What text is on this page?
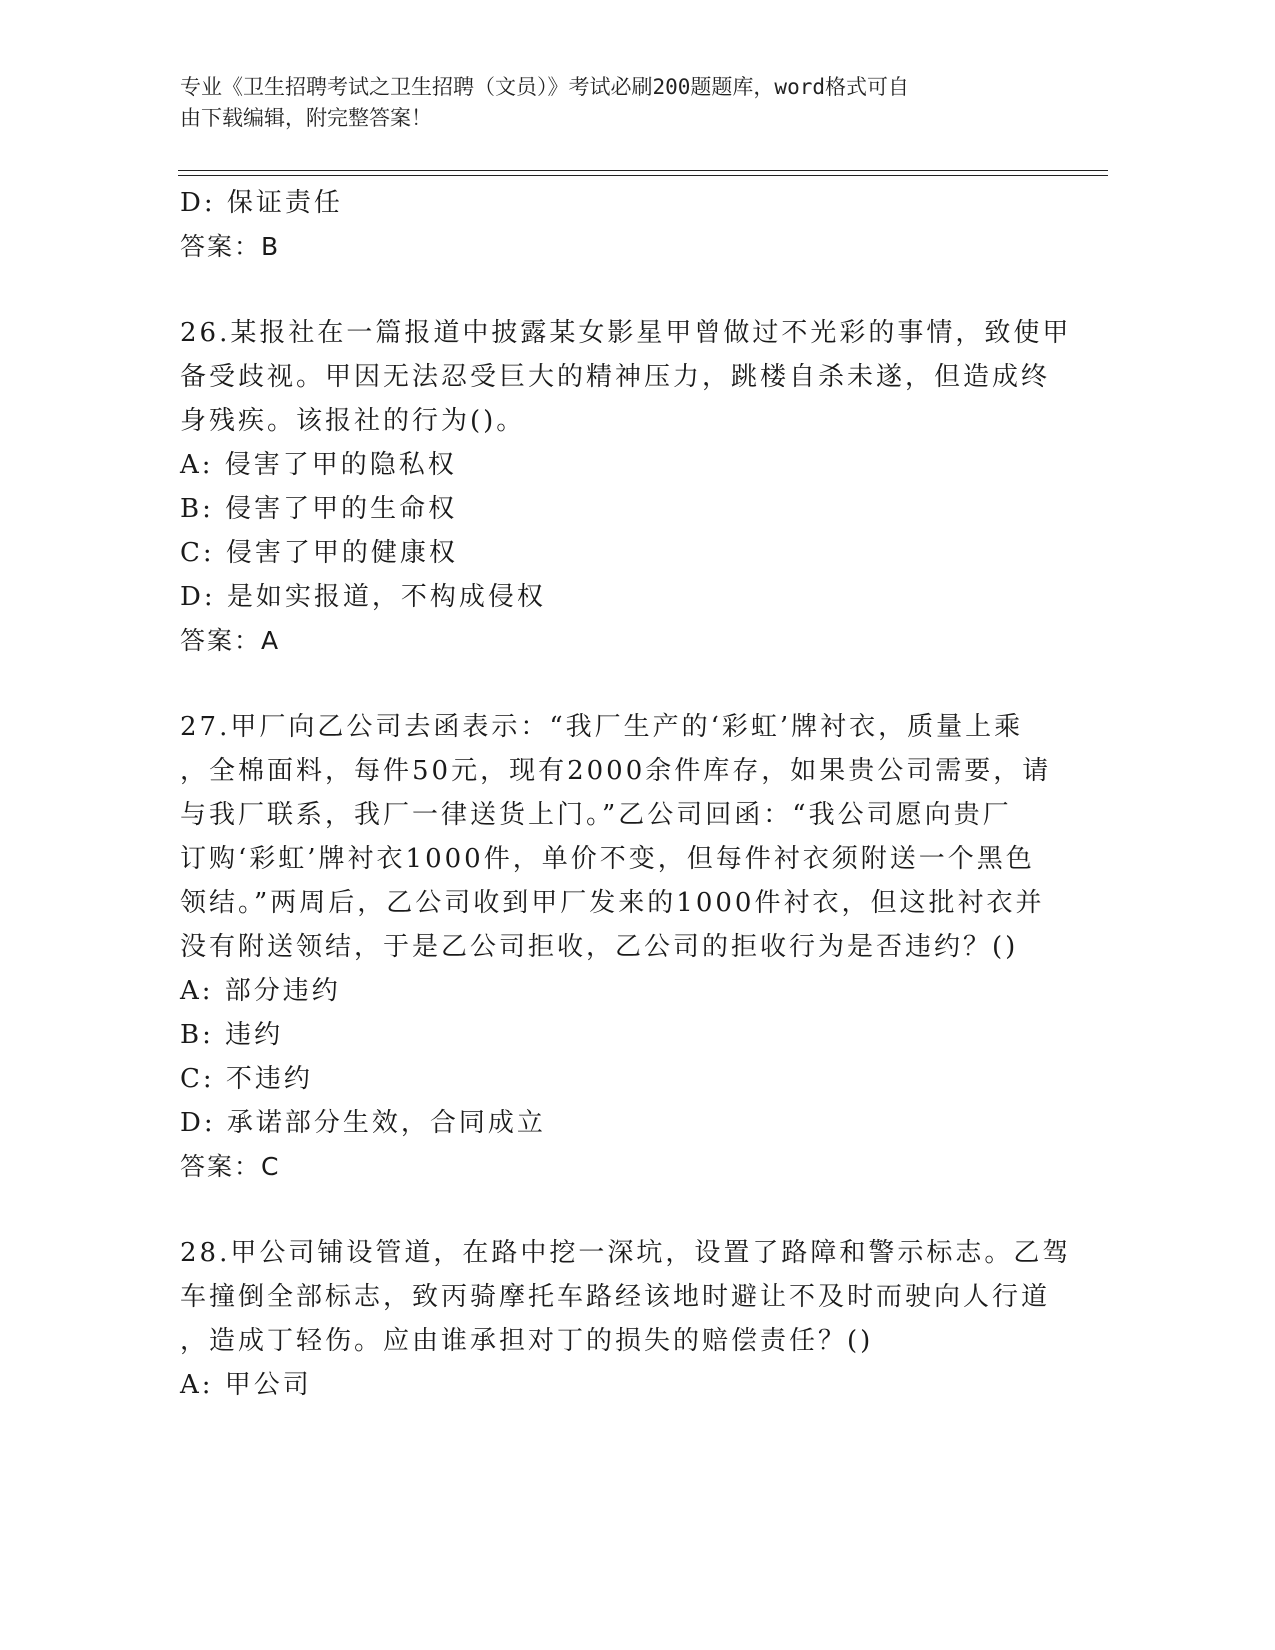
专业《卫生招聘考试之卫生招聘（文员）》考试必刷200题题库，word格式可自
由下载编辑，附完整答案！
D: 保证责任
答案：B
26.某报社在一篇报道中披露某女影星甲曾做过不光彩的事情，致使甲
备受歧视。甲因无法忍受巨大的精神压力，跳楼自杀未遂，但造成终
身残疾。该报社的行为()。
A: 侵害了甲的隐私权
B: 侵害了甲的生命权
C: 侵害了甲的健康权
D: 是如实报道，不构成侵权
答案：A
27.甲厂向乙公司去函表示：“我厂生产的‘彩虹’牌衬衣，质量上乘
，全棉面料，每件50元，现有2000余件库存，如果贵公司需要，请
与我厂联系，我厂一律送货上门。”乙公司回函：“我公司愿向贵厂
订购‘彩虹’牌衬衣1000件，单价不变，但每件衬衣须附送一个黑色
领结。”两周后，乙公司收到甲厂发来的1000件衬衣，但这批衬衣并
没有附送领结，于是乙公司拒收，乙公司的拒收行为是否违约？()
A: 部分违约
B: 违约
C: 不违约
D: 承诺部分生效，合同成立
答案：C
28.甲公司铺设管道，在路中挖一深坑，设置了路障和警示标志。乙驾
车撞倒全部标志，致丙骑摩托车路经该地时避让不及时而驶向人行道
，造成丁轻伤。应由谁承担对丁的损失的赔偿责任？()
A: 甲公司
